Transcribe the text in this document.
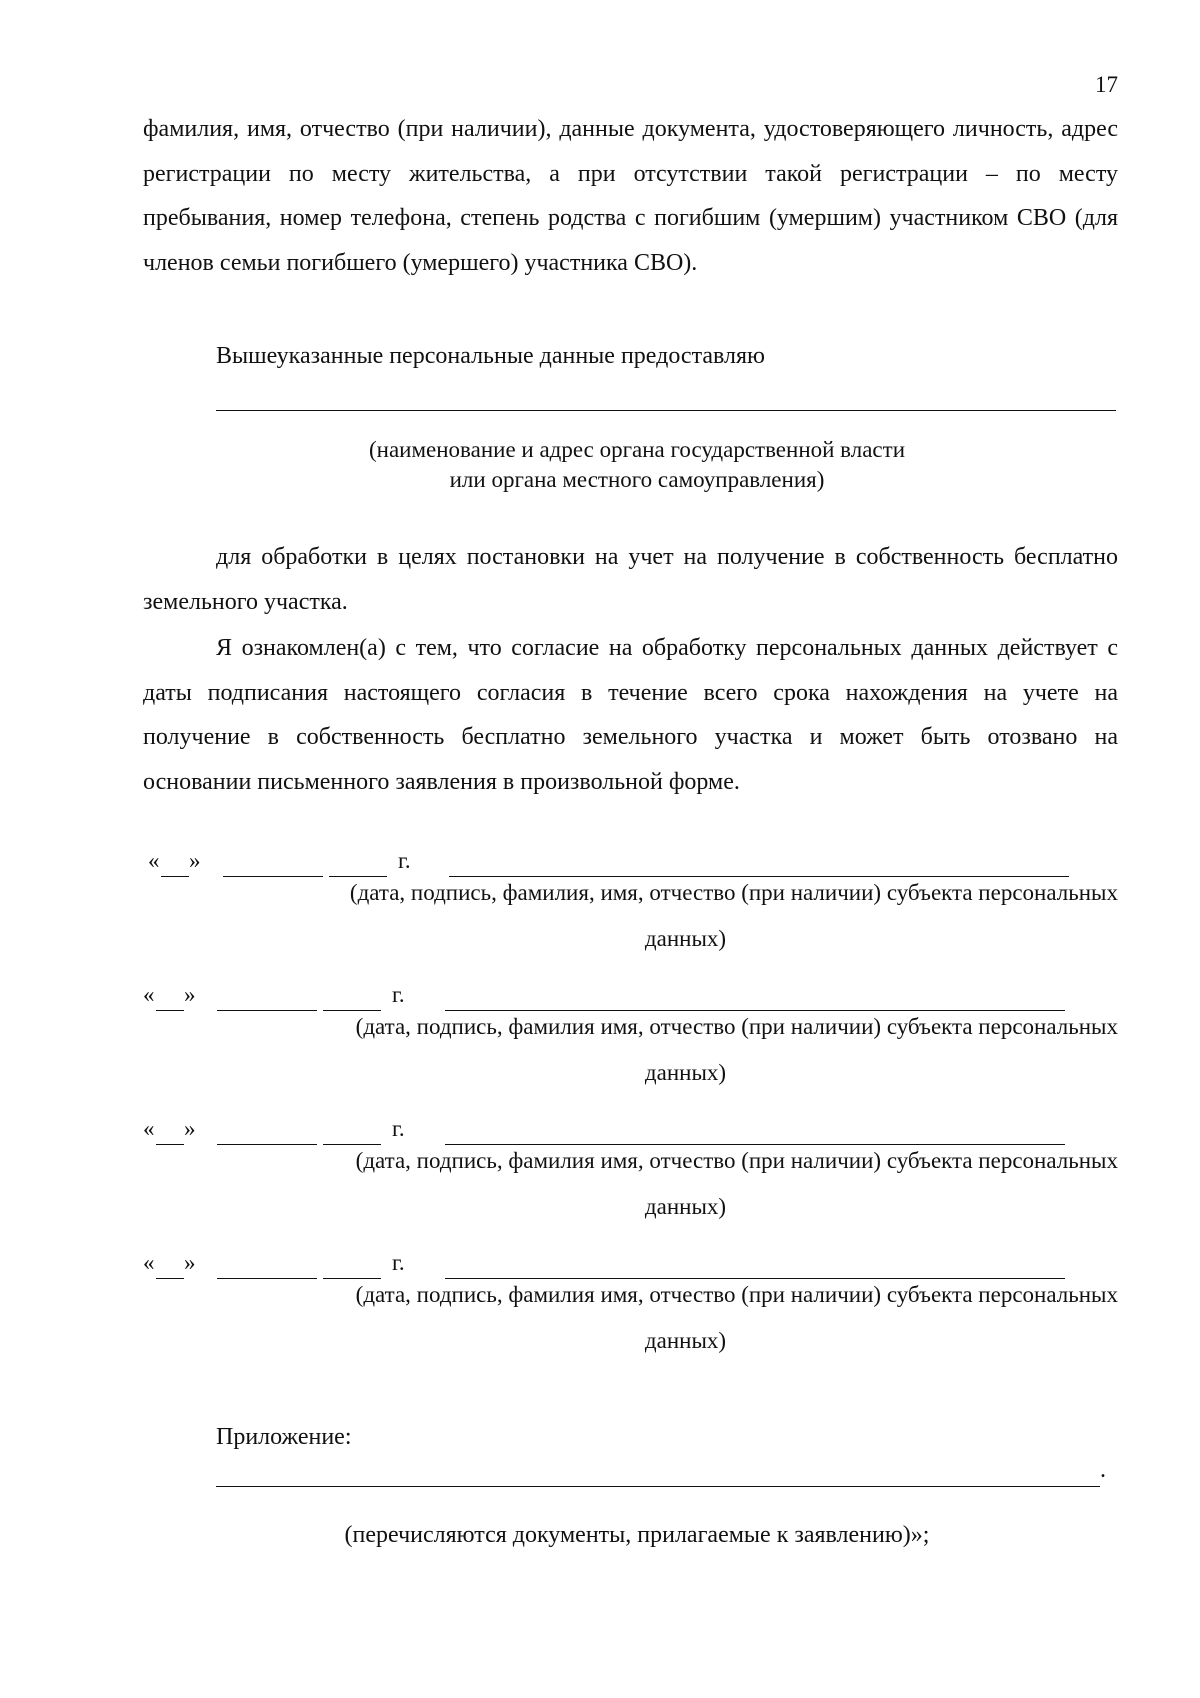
17

фамилия, имя, отчество (при наличии), данные документа, удостоверяющего личность, адрес регистрации по месту жительства, а при отсутствии такой регистрации – по месту пребывания, номер телефона, степень родства с погибшим (умершим) участником СВО (для членов семьи погибшего (умершего) участника СВО).

Вышеуказанные персональные данные предоставляю

(наименование и адрес органа государственной власти
или органа местного самоуправления)

для обработки в целях постановки на учет на получение в собственность бесплатно земельного участка.

Я ознакомлен(а) с тем, что согласие на обработку персональных данных действует с даты подписания настоящего согласия в течение всего срока нахождения на учете на получение в собственность бесплатно земельного участка и может быть отозвано на основании письменного заявления в произвольной форме.

« »	г.
(дата, подпись, фамилия, имя, отчество (при наличии) субъекта персональных
данных)
« »	г.
(дата, подпись, фамилия имя, отчество (при наличии) субъекта персональных
данных)
« »	г.
(дата, подпись, фамилия имя, отчество (при наличии) субъекта персональных
данных)
« »	г.
(дата, подпись, фамилия имя, отчество (при наличии) субъекта персональных
данных)

Приложение:

.
(перечисляются документы, прилагаемые к заявлению)»;
